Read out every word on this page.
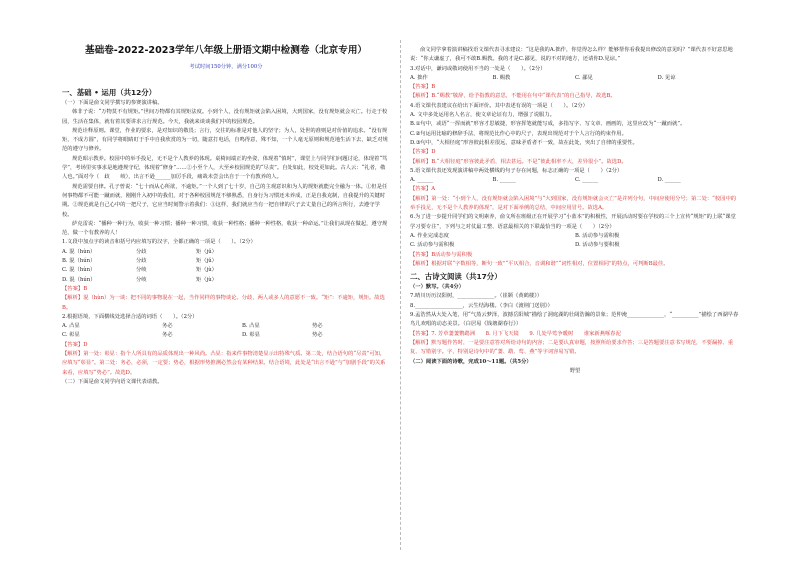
基础卷-2022-2023学年八年级上册语文期中检测卷（北京专用）
考试时间150分钟，满分100分

一、基础 • 运用（共12分）

（一）下面是俞文同学撰写的参赛演讲稿。

韩非子说：“万物莫不有规矩。”世间万物都有其规矩法度。小到个人，没有规矩就会陷入困境，大到国家，没有规矩就会灭亡。行走于校园，生活在集体，就有着其要讲求言行规范。今天，我就来谈谈我们中的校园规范。

规范诠释原则。课堂，作业的要求，是对知识的敬畏；言行，交往的标准是对他人的坚守；为人，处世的准则是对价值的追求。“没有规矩，不成方圆”，有同学将眼睛盯于手中自我欣赏的为一切，随意打电话，自鸣得意，殊不知，一个人毫无原则和规范地生活下去，缺乏对规范的遵守与修养。

规范昭示教养。校园中的举手投足，无不是个人教养的体现。桌椅间端正的坐姿，体现着“慎时”，课堂上与同学们问题讨论，体现着“笃学”，考场里实事求是地遵规守纪，体现着“修身”……②小至个人，大至乡校园规范的“尽责”。自处如此，校处更如此。古人云：“礼者，敬人也。”面对今（　歧　　岐），出言不逊______加厉手段，痛哉未尝会出自于一个有教养的人。

规范需要自律。孔子曾说：“七十而从心所欲，不逾矩。”一个人到了七十岁，自己的主观意识和为人的规矩就能完全融为一体。①但是任何事物都不可能一蹴而就，刚刚升入初中的我们，对于各种校园规范不够熟悉，自身行为习惯还未养成，正是自我克制，自我提升的关键时期。②规范就是自己心中的一把尺子，它应当时刻警示着我们：③这样，我们就应当有一把自律的尺子去丈量自己的所言所行，去遵守学校。

萨克雷说：“播种一种行为，收获一种习惯；播种一种习惯，收获一种性格；播种一种性格，收获一种命运。”让我们从现在做起，遵守规范，做一个有教养的人！

1.文段中加点字的读音和括号内应填写的汉字，全都正确的一项是（　　）。（2分）

A. 混（hùn）	分歧	矩（jǔ）
B. 混（hún）	分歧	矩（jǔ）
C. 混（hùn）	分岐	矩（jù）
D. 混（hún）	分岐	矩（jù）

【答案】B

【解析】混（hùn）为一谈：把不同的事物混在一起，当作同样的事物谈论。分歧，两人或多人的意愿不一致。“矩”：不逾矩，规矩。故选B。

2.根据语境，下面横线处选择合适的词语（　　）。（2分）

A. 凸显	务必	B. 凸显	势必
C. 彰显	务必	D. 彰显	势必

【答案】D

【解析】第一处：彰显：指个人所具有的品质体现出一种风尚。凸显：指来件事物清楚显示出特殊气质。第二处，结合语句的“尽责”可知，应填写“彰显”。第二处：务必，必须，一定要；势必，根据形势推测必然会有某种结果。结合语境，此处是“出言不逊”与“加剧手段”的关系来看，应填写“势必”。故选D。

（二）下面是俞文同学向语文课代表请教。

俞文同学拿着演讲稿找语文课代表寻求建议：“这是我的A.拙作，你觉得怎么样？能够帮你看我提出修改的意见吗？”课代表不好意思地说：“你太谦虚了，我可不敢B.赐教。我的才是C.鄙见，说的不对的地方，还请你D.见谅。”

3.对话中，谦词或敬词使用不当的一处是（　　）。（2分）

A. 拙作	B. 赐教	C. 鄙见	D. 见谅

【答案】B

【解析】B.“赐教”敬辞，给予指教的意思，不能用在句中“课代表”的自己指导，故选B。

4.语文课代表建议在给出下面评价。其中表述有误的一项是（　　）。（2分）

A. 文中多处运用名人名言，使文章论证有力，增强了说服力。

B.①句中，或语“一挥而就”形容才思敏捷，形容挥笔就能写成，多指写字、写文章、画画的，这里应改为“一蹴而就”。

C.②句运用比喻的修辞手法，将规范比作心中的尺子，表现出规范对于个人言行的约束作用。

D.③句中，“大相径庭”形容彼此相差很远，意味矛盾者不一致，故在此处，突出了自律的重要性。

【答案】D

【解析】B.“大相径庭”形容彼此矛盾，相去甚远。不是“彼此相率不大，差异很小”。故选D。

5.语文课代表还发现演讲稿中两处横线的句子存在问题，标志正确的一项是（　　）（2分）

A. ______	B. ______	C. ______	D. ______

【答案】A

【解析】第一处：“小到个人，没有规矩就会陷入困境”与“大到国家，没有规矩就会灭亡”是并列分句，中间应使用分号；第二处：“校园中的举手投足，无不是个人教养的体现”，是对下面举例的总结，中间应用冒号。故选A。

6.为了进一步提升同学们的文明素养，俞文所在班级正在开展学习“小蓝本”的积极性，开展活动时要在学校的三个上宣传“规矩”的上联“课堂学习要专注”，下列与之对仗最工整、语意最相关的下联最恰当的一项是（　　）（2分）

A. 作业完成态度	B. 活动参与需积极
C. 活动参与需积极	D. 活动参与要积极

【答案】B活动参与需积极

【解析】根据对联“字数相等，断句一致”“平仄相合，音调和谐”“词性相对，位置相同”的特点，可判断B最佳。

二、古诗文阅读（共17分）

（一）默写。（共4分）

7.晴川历历汉阳树，______________。（崔颢《黄鹤楼》）

8.__________________，云生结海楼。（李白《渡荆门送别》）

9.孟浩然从大处入笔，用“气蒸云梦泽，波撼岳阳城”描绘了洞庭湖的壮阔浩瀚的景象；范仲淹______________，“__________”描绘了西湖早春鸟儿欢唱的动态美景。（白居易《钱塘湖春行》）

【答案】7. 芳草萋萋鹦鹉洲　　8. 月下飞天镜　　9. 几处早莺争暖树　　谁家新燕啄春泥

【解析】默写题作答时，一是要注意答对所给诗句的内容；二是要认真审题，按照所给要求作答；三是答题要注意书写规范，不要漏掉、重复、写错别字。字，特别是诗句中的“萋、鹉、莺、燕”等字词容易写错。

（二）阅读下面的诗歌，完成10～11题。（共5分）

野望
